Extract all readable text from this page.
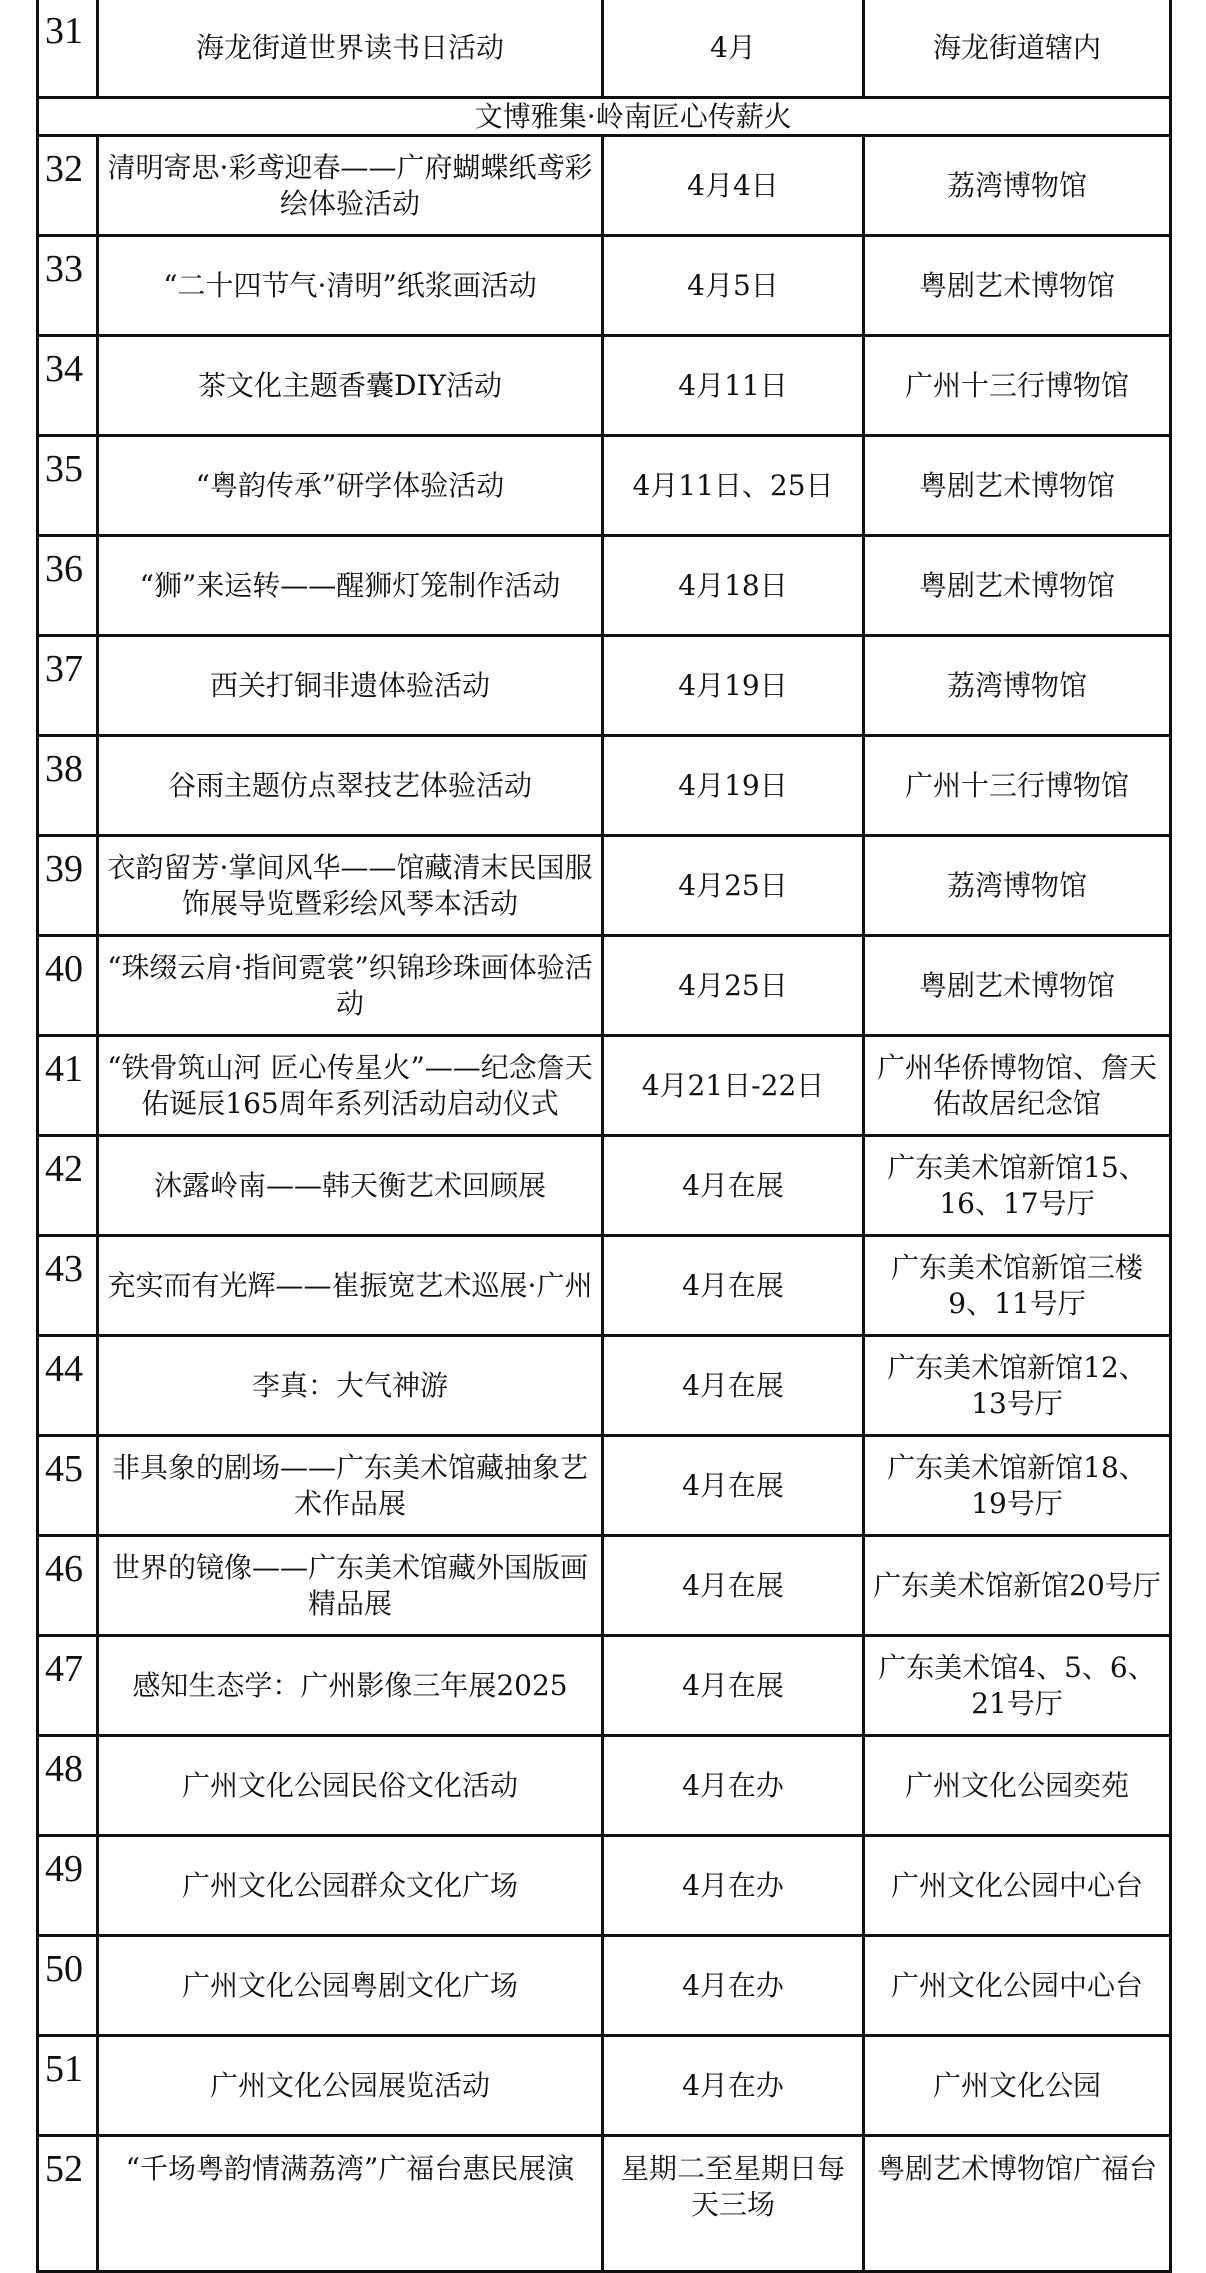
31	海龙街道世界读书日活动	4月	海龙街道辖内
	文博雅集·岭南匠心传薪火		
32	清明寄思·彩鸢迎春——广府蝴蝶纸鸢彩绘体验活动	4月4日	荔湾博物馆
33	“二十四节气·清明”纸浆画活动	4月5日	粤剧艺术博物馆
34	茶文化主题香囊DIY活动	4月11日	广州十三行博物馆
35	“粤韵传承”研学体验活动	4月11日、25日	粤剧艺术博物馆
36	“狮”来运转——醒狮灯笼制作活动	4月18日	粤剧艺术博物馆
37	西关打铜非遗体验活动	4月19日	荔湾博物馆
38	谷雨主题仿点翠技艺体验活动	4月19日	广州十三行博物馆
39	衣韵留芳·掌间风华——馆藏清末民国服饰展导览暨彩绘风琴本活动	4月25日	荔湾博物馆
40	“珠缀云肩·指间霓裳”织锦珍珠画体验活动	4月25日	粤剧艺术博物馆
41	“铁骨筑山河 匠心传星火”——纪念詹天佑诞辰165周年系列活动启动仪式	4月21日-22日	广州华侨博物馆、詹天佑故居纪念馆
42	沐露岭南——韩天衡艺术回顾展	4月在展	广东美术馆新馆15、16、17号厅
43	充实而有光辉——崔振宽艺术巡展·广州	4月在展	广东美术馆新馆三楼9、11号厅
44	李真：大气神游	4月在展	广东美术馆新馆12、13号厅
45	非具象的剧场——广东美术馆藏抽象艺术作品展	4月在展	广东美术馆新馆18、19号厅
46	世界的镜像——广东美术馆藏外国版画精品展	4月在展	广东美术馆新馆20号厅
47	感知生态学：广州影像三年展2025	4月在展	广东美术馆4、5、6、21号厅
48	广州文化公园民俗文化活动	4月在办	广州文化公园奕苑
49	广州文化公园群众文化广场	4月在办	广州文化公园中心台
50	广州文化公园粤剧文化广场	4月在办	广州文化公园中心台
51	广州文化公园展览活动	4月在办	广州文化公园
52	“千场粤韵情满荔湾”广福台惠民展演	星期二至星期日每天三场	粤剧艺术博物馆广福台
